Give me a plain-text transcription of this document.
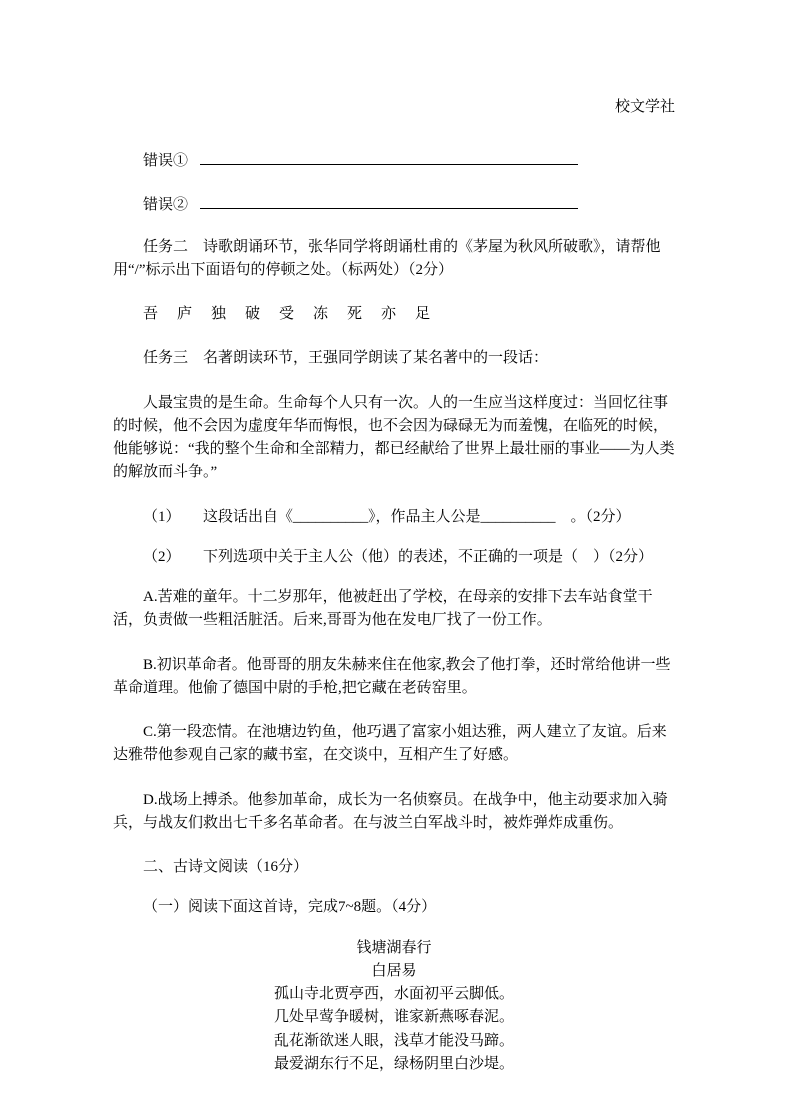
校文学社
错误①
错误②

任务二　诗歌朗诵环节，张华同学将朗诵杜甫的《茅屋为秋风所破歌》，请帮他用“/”标示出下面语句的停顿之处。（标两处）（2分）

吾　庐　独　破　受　冻　死　亦　足

任务三　名著朗读环节，王强同学朗读了某名著中的一段话：

人最宝贵的是生命。生命每个人只有一次。人的一生应当这样度过：当回忆往事的时候，他不会因为虚度年华而悔恨，也不会因为碌碌无为而羞愧，在临死的时候，他能够说：“我的整个生命和全部精力，都已经献给了世界上最壮丽的事业——为人类的解放而斗争。”

（1）　　这段话出自《__________》，作品主人公是__________　。（2分）

（2）　　下列选项中关于主人公（他）的表述，不正确的一项是（　）（2分）

A.苦难的童年。十二岁那年，他被赶出了学校，在母亲的安排下去车站食堂干活，负责做一些粗活脏活。后来,哥哥为他在发电厂找了一份工作。

B.初识革命者。他哥哥的朋友朱赫来住在他家,教会了他打拳，还时常给他讲一些革命道理。他偷了德国中尉的手枪,把它藏在老砖窑里。

C.第一段恋情。在池塘边钓鱼，他巧遇了富家小姐达雅，两人建立了友谊。后来达雅带他参观自己家的藏书室，在交谈中，互相产生了好感。

D.战场上搏杀。他参加革命，成长为一名侦察员。在战争中，他主动要求加入骑兵，与战友们救出七千多名革命者。在与波兰白军战斗时，被炸弹炸成重伤。

二、古诗文阅读（16分）

（一）阅读下面这首诗，完成7~8题。（4分）

钱塘湖春行

白居易

孤山寺北贾亭西，水面初平云脚低。

几处早莺争暖树，谁家新燕啄春泥。

乱花渐欲迷人眼，浅草才能没马蹄。

最爱湖东行不足，绿杨阴里白沙堤。
